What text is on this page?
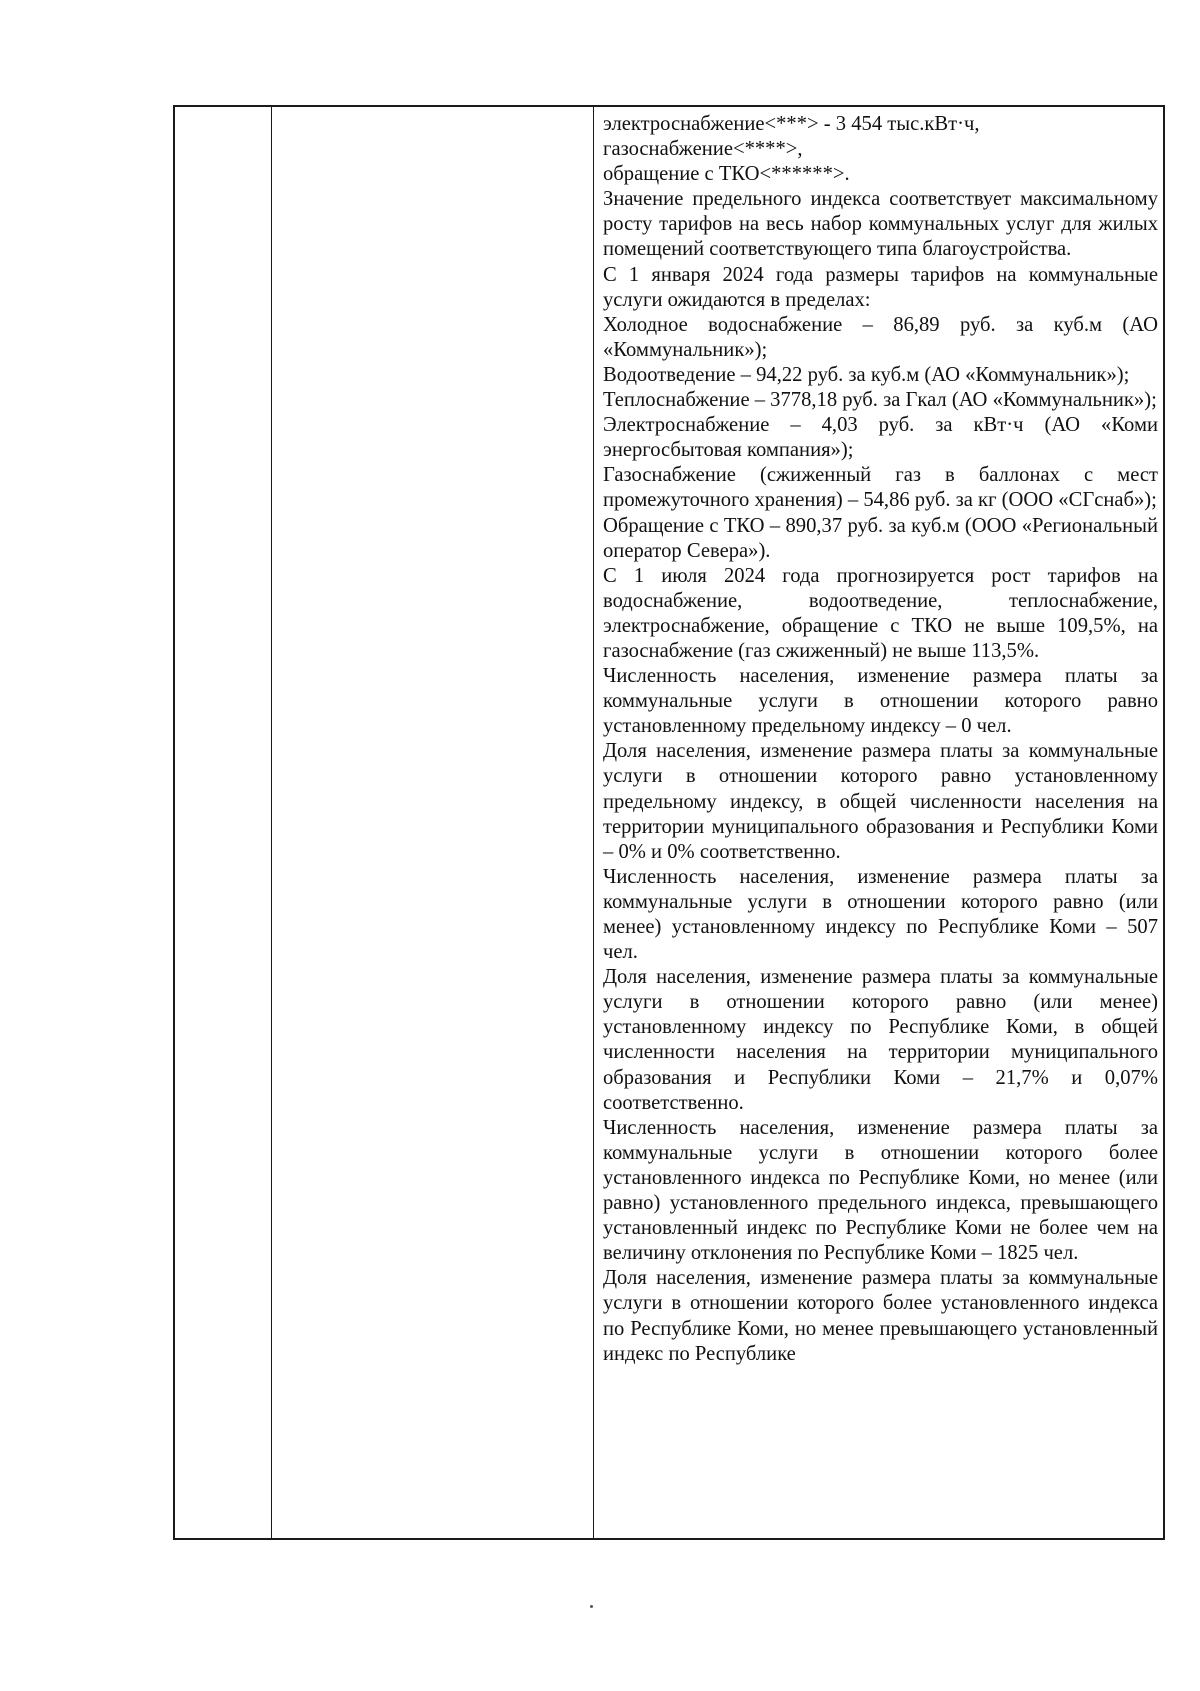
электроснабжение<***> - 3 454 тыс.кВт·ч,
газоснабжение<****>,
обращение с ТКО<******>.

Значение предельного индекса соответствует максимальному росту тарифов на весь набор коммунальных услуг для жилых помещений соответствующего типа благоустройства.

С 1 января 2024 года размеры тарифов на коммунальные услуги ожидаются в пределах:

Холодное водоснабжение – 86,89 руб. за куб.м (АО «Коммунальник»);

Водоотведение – 94,22 руб. за куб.м (АО «Коммунальник»);

Теплоснабжение – 3778,18 руб. за Гкал (АО «Коммунальник»);

Электроснабжение – 4,03 руб. за кВт·ч (АО «Коми энергосбытовая компания»);

Газоснабжение (сжиженный газ в баллонах с мест промежуточного хранения) – 54,86 руб. за кг (ООО «СГснаб»);

Обращение с ТКО – 890,37 руб. за куб.м (ООО «Региональный оператор Севера»).

С 1 июля 2024 года прогнозируется рост тарифов на водоснабжение, водоотведение, теплоснабжение, электроснабжение, обращение с ТКО не выше 109,5%, на газоснабжение (газ сжиженный) не выше 113,5%.

Численность населения, изменение размера платы за коммунальные услуги в отношении которого равно установленному предельному индексу – 0 чел.

Доля населения, изменение размера платы за коммунальные услуги в отношении которого равно установленному предельному индексу, в общей численности населения на территории муниципального образования и Республики Коми – 0% и 0% соответственно.

Численность населения, изменение размера платы за коммунальные услуги в отношении которого равно (или менее) установленному индексу по Республике Коми – 507 чел.

Доля населения, изменение размера платы за коммунальные услуги в отношении которого равно (или менее) установленному индексу по Республике Коми, в общей численности населения на территории муниципального образования и Республики Коми – 21,7% и 0,07% соответственно.

Численность населения, изменение размера платы за коммунальные услуги в отношении которого более установленного индекса по Республике Коми, но менее (или равно) установленного предельного индекса, превышающего установленный индекс по Республике Коми не более чем на величину отклонения по Республике Коми – 1825 чел.

Доля населения, изменение размера платы за коммунальные услуги в отношении которого более установленного индекса по Республике Коми, но менее превышающего установленный индекс по Республике
